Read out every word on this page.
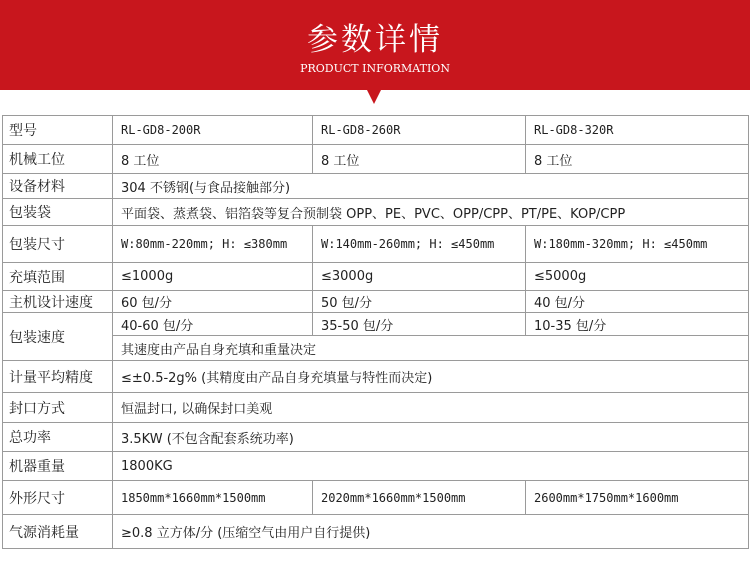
参数详情
PRODUCT INFORMATION
型号	RL-GD8-200R	RL-GD8-260R	RL-GD8-320R
机械工位	8 工位	8 工位	8 工位
设备材料	304 不锈钢(与食品接触部分)		
包装袋	平面袋、蒸煮袋、铝箔袋等复合预制袋 OPP、PE、PVC、OPP/CPP、PT/PE、KOP/CPP		
包装尺寸	W:80mm-220mm; H: ≤380mm	W:140mm-260mm; H: ≤450mm	W:180mm-320mm; H: ≤450mm
充填范围	≤1000g	≤3000g	≤5000g
主机设计速度	60 包/分	50 包/分	40 包/分
包装速度	40-60 包/分	35-50 包/分	10-35 包/分
	其速度由产品自身充填和重量决定		
计量平均精度	≤±0.5-2g% (其精度由产品自身充填量与特性而决定)		
封口方式	恒温封口, 以确保封口美观		
总功率	3.5KW (不包含配套系统功率)		
机器重量	1800KG		
外形尺寸	1850mm*1660mm*1500mm	2020mm*1660mm*1500mm	2600mm*1750mm*1600mm
气源消耗量	≥0.8 立方体/分 (压缩空气由用户自行提供)		
